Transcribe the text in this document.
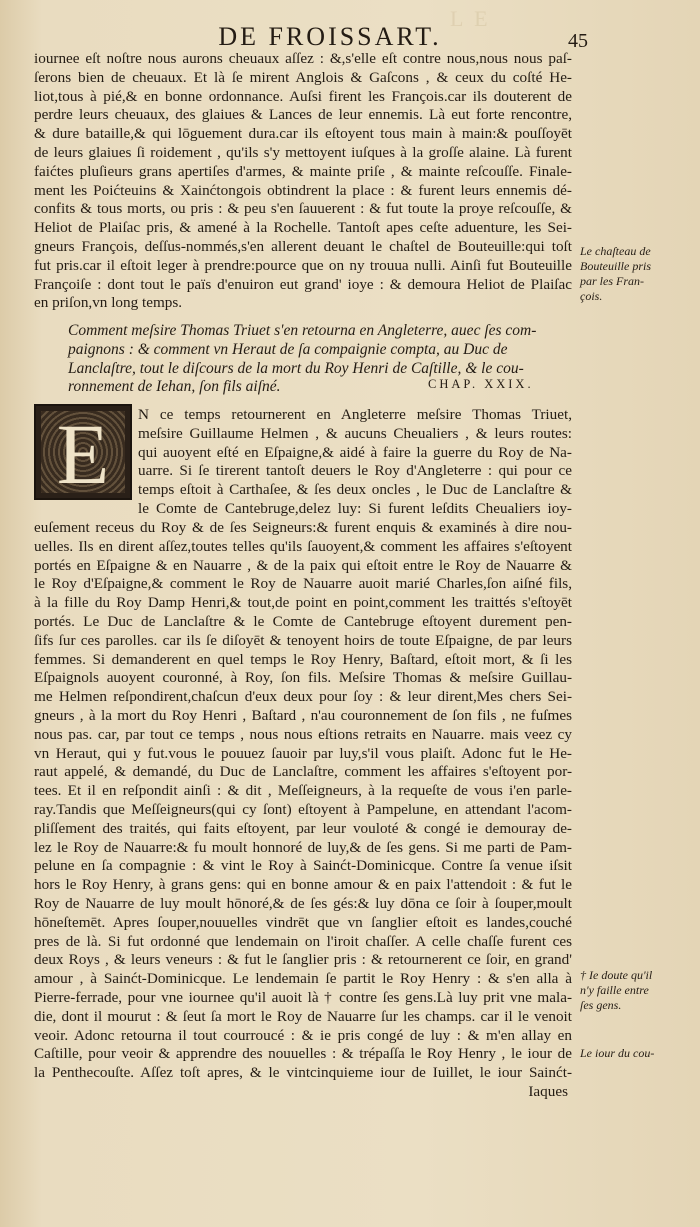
L E
DE FROISSART.	45

iournee eſt noſtre nous aurons cheuaux aſſez : &,s'elle eſt contre nous,nous nous paſ-

ſerons bien de cheuaux. Et là ſe mirent Anglois & Gaſcons , & ceux du coſté He-

liot,tous à pié,& en bonne ordonnance. Auſsi firent les François.car ils douterent de

perdre leurs cheuaux, des glaiues & Lances de leur ennemis. Là eut forte rencontre,

& dure bataille,& qui lōguement dura.car ils eſtoyent tous main à main:& pouſſoyēt

de leurs glaiues ſi roidement , qu'ils s'y mettoyent iuſques à la groſſe alaine. Là furent

faićtes pluſieurs grans apertiſes d'armes, & mainte priſe , & mainte reſcouſſe. Finale-

ment les Poićteuins & Xainćtongois obtindrent la place : & furent leurs ennemis dé-

confits & tous morts, ou pris : & peu s'en ſauuerent : & fut toute la proye reſcouſſe, &

Heliot de Plaiſac pris, & amené à la Rochelle. Tantoſt apes ceſte aduenture, les Sei-

gneurs François, deſſus-nommés,s'en allerent deuant le chaſtel de Bouteuille:qui toſt

fut pris.car il eſtoit leger à prendre:pource que on ny trouua nulli. Ainſi fut Bouteuille

Françoiſe : dont tout le païs d'enuiron eut grand' ioye : & demoura Heliot de Plaiſac

en priſon,vn long temps.

Le chaſteau de
Bouteuille pris
par les Fran-
çois.
Comment meſsire Thomas Triuet s'en retourna en Angleterre, auec ſes com-
paignons : & comment vn Heraut de ſa compaignie compta, au Duc de
Lanclaſtre, tout le diſcours de la mort du Roy Henri de Caſtille, & le cou-
ronnement de Iehan, ſon fils aiſné.	CHAP. XXIX.
E	N ce temps retournerent en Angleterre meſsire Thomas Triuet,

meſsire Guillaume Helmen , & aucuns Cheualiers , & leurs routes:

qui auoyent eſté en Eſpaigne,& aidé à faire la guerre du Roy de Na-

uarre. Si ſe tirerent tantoſt deuers le Roy d'Angleterre : qui pour ce

temps eſtoit à Carthaſee, & ſes deux oncles , le Duc de Lanclaſtre &

le Comte de Cantebruge,delez luy: Si furent leſdits Cheualiers ioy-

euſement receus du Roy & de ſes Seigneurs:& furent enquis & examinés à dire nou-

uelles. Ils en dirent aſſez,toutes telles qu'ils ſauoyent,& comment les affaires s'eſtoyent

portés en Eſpaigne & en Nauarre , & de la paix qui eſtoit entre le Roy de Nauarre &

le Roy d'Eſpaigne,& comment le Roy de Nauarre auoit marié Charles,ſon aiſné fils,

à la fille du Roy Damp Henri,& tout,de point en point,comment les traittés s'eſtoyēt

portés. Le Duc de Lanclaſtre & le Comte de Cantebruge eſtoyent durement pen-

ſifs ſur ces parolles. car ils ſe diſoyēt & tenoyent hoirs de toute Eſpaigne, de par leurs

femmes. Si demanderent en quel temps le Roy Henry, Baſtard, eſtoit mort, & ſi les

Eſpaignols auoyent couronné, à Roy, ſon fils. Meſsire Thomas & meſsire Guillau-

me Helmen reſpondirent,chaſcun d'eux deux pour ſoy : & leur dirent,Mes chers Sei-

gneurs , à la mort du Roy Henri , Baſtard , n'au couronnement de ſon fils , ne fuſmes

nous pas. car, par tout ce temps , nous nous eſtions retraits en Nauarre. mais veez cy

vn Heraut, qui y fut.vous le pouuez ſauoir par luy,s'il vous plaiſt. Adonc fut le He-

raut appelé, & demandé, du Duc de Lanclaſtre, comment les affaires s'eſtoyent por-

tees. Et il en reſpondit ainſi : & dit , Meſſeigneurs, à la requeſte de vous i'en parle-

ray.Tandis que Meſſeigneurs(qui cy ſont) eſtoyent à Pampelune, en attendant l'acom-

pliſſement des traités, qui faits eſtoyent, par leur vouloté & congé ie demouray de-

lez le Roy de Nauarre:& fu moult honnoré de luy,& de ſes gens. Si me parti de Pam-

pelune en ſa compagnie : & vint le Roy à Sainćt-Dominicque. Contre ſa venue iſsit

hors le Roy Henry, à grans gens: qui en bonne amour & en paix l'attendoit : & fut le

Roy de Nauarre de luy moult hōnoré,& de ſes gés:& luy dōna ce ſoir à ſouper,moult

hōneſtemēt. Apres ſouper,nouuelles vindrēt que vn ſanglier eſtoit es landes,couché

pres de là. Si fut ordonné que lendemain on l'iroit chaſſer. A celle chaſſe furent ces

deux Roys , & leurs veneurs : & fut le ſanglier pris : & retournerent ce ſoir, en grand'

amour , à Sainćt-Dominicque. Le lendemain ſe partit le Roy Henry : & s'en alla à

Pierre-ferrade, pour vne iournee qu'il auoit là † contre ſes gens.Là luy prit vne mala-

die, dont il mourut : & ſeut ſa mort le Roy de Nauarre ſur les champs. car il le venoit

veoir. Adonc retourna il tout courroucé : & ie pris congé de luy : & m'en allay en

Caſtille, pour veoir & apprendre des nouuelles : & trépaſſa le Roy Henry , le iour de

la Penthecouſte. Aſſez toſt apres, & le vintcinquieme iour de Iuillet, le iour Sainćt-

Iaques

† Ie doute qu'il
n'y faille entre
ſes gens.
Le iour du cou-
